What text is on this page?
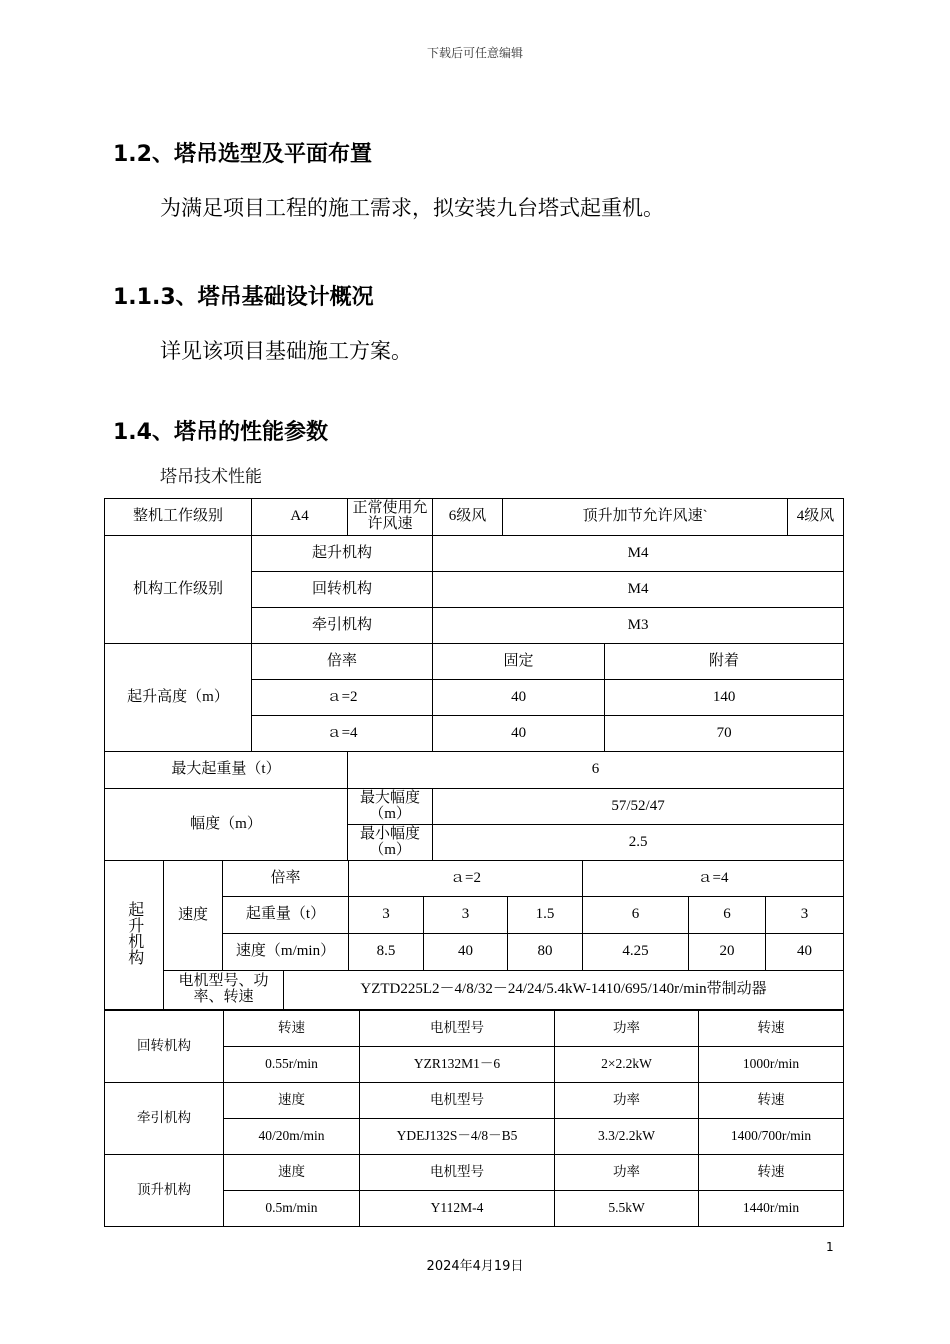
下载后可任意编辑
1.2、塔吊选型及平面布置
为满足项目工程的施工需求，拟安装九台塔式起重机。
1.1.3、塔吊基础设计概况
详见该项目基础施工方案。
1.4、塔吊的性能参数
塔吊技术性能
整机工作级别	A4	正常使用允许风速	6级风	顶升加节允许风速`		4级风
机构工作级别	起升机构		M4			
	回转机构		M4			
	牵引机构		M3			
起升高度（m）	倍率		固定		附着	
	ａ=2		40		140	
	ａ=4		40		70	
最大起重量（t）		6				
幅度（m）		最大幅度（m）	57/52/47			
		最小幅度（m）	2.5			
起升机构	速度	倍率		ａ=2			ａ=4		
		起重量（t）		3	3	1.5	6	6	3
		速度（m/min）		8.5	40	80	4.25	20	40
	电机型号、功率、转速		YZTD225L2－4/8/32－24/24/5.4kW-1410/695/140r/min带制动器						
回转机构	转速	电机型号	功率	转速
	0.55r/min	YZR132M1－6	2×2.2kW	1000r/min
牵引机构	速度	电机型号	功率	转速
	40/20m/min	YDEJ132S－4/8－B5	3.3/2.2kW	1400/700r/min
顶升机构	速度	电机型号	功率	转速
	0.5m/min	Y112M-4	5.5kW	1440r/min
1
2024年4月19日
